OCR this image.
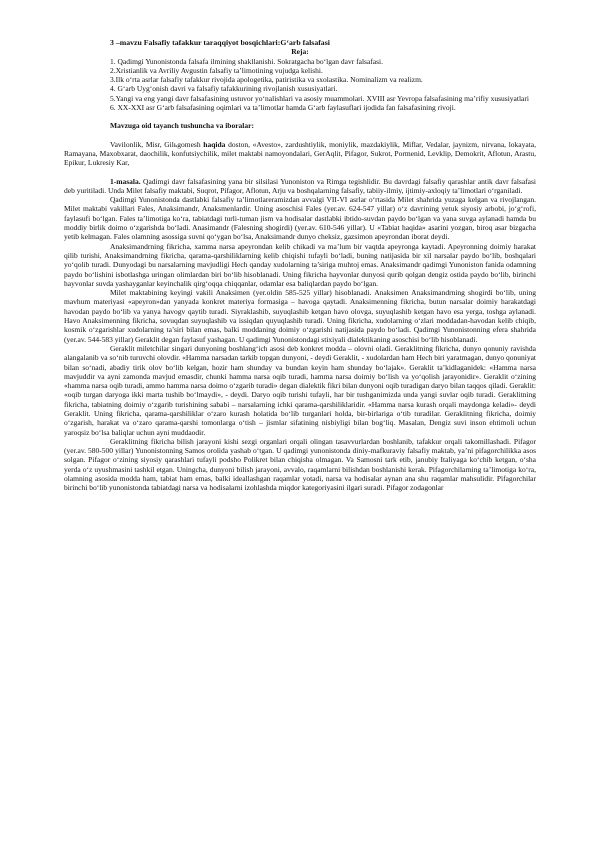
3 –mavzu Falsafiy tafakkur taraqqiyot bosqichlari:G‘arb falsafasi

Reja:

1. Qadimgi Yunonistonda falsafa ilmining shakllanishi. Sokratgacha bo‘lgan davr falsafasi.

2.Xristianlik va Avriliy Avgustin falsafiy ta’limotining vujudga kelishi.

3.Ilk o‘rta asrlar falsafiy tafakkur rivojida apologetika, patiristika va sxolastika. Nominalizm va realizm.

4. G‘arb Uyg‘onish davri va falsafiy tafakkurining rivojlanish xususiyatlari.

5.Yangi va eng yangi davr falsafasining ustuvor yo‘nalishlari va asosiy muammolari. XVIII asr Yevropa falsafasining ma’rifiy xususiyatlari

6. XX-XXI asr G‘arb falsafasining oqimlari va ta’limotlar hamda G‘arb faylasuflari ijodida fan falsafasining rivoji.

Mavzuga oid tayanch tushuncha va iboralar:

Vavilonlik, Misr, Gilьgomesh haqida doston, «Avesto», zardushtiylik, moniylik, mazdakiylik, Miflar, Vedalar, jaynizm, nirvana, lokayata, Ramayana, Maxobxarat, daochilik, konfutsiychilik, milet maktabi namoyondalari, GerAqlit, Pifagor, Sukrot, Pormenid, Levklip, Demokrit, Aflotun, Arastu, Epikur, Lukresiy Kar,

1-masala. Qadimgi davr falsafasining yana bir silsilasi Yunoniston va Rimga tegishlidir. Bu davrdagi falsafiy qarashlar antik davr falsafasi deb yuritiladi. Unda Milet falsafiy maktabi, Suqrot, Pifagor, Aflotun, Arju va boshqalarning falsafiy, tabiiy-ilmiy, ijtimiy-axloqiy ta’limotlari o‘rganiladi.

Qadimgi Yunonistonda dastlabki falsafiy ta’limotlareramizdan avvalgi VII-VI asrlar o‘rtasida Milet shahrida yuzaga kelgan va rivojlangan. Milet maktabi vakillari Fales, Anaksimandr, Anaksmenlardir. Uning asoschisi Fales (yer.av. 624-547 yillar) o‘z davrining yetuk siyosiy arbobi, jo‘g‘rofi, faylasufi bo‘lgan. Fales ta’limotiga ko‘ra, tabiatdagi turli-tuman jism va hodisalar dastlabki ibtido-suvdan paydo bo‘lgan va yana suvga aylanadi hamda bu moddiy birlik doimo o‘zgarishda bo‘ladi. Anasimandr (Falesning shogirdi) (yer.av. 610-546 yillar). U «Tabiat haqida» asarini yozgan, biroq asar bizgacha yetib kelmagan. Fales olamning asossiga suvni qo‘ygan bo‘lsa, Anaksimandr dunyo cheksiz, gazsimon apeyrondan iborat deydi.

Anaksimandrning fikricha, xamma narsa apeyrondan kelib chikadi va ma’lum bir vaqtda apeyronga kaytadi. Apeyronning doimiy harakat qilib turishi, Anaksimandrning fikricha, qarama-qarshiliklarning kelib chiqishi tufayli bo‘ladi, buning natijasida bir xil narsalar paydo bo‘lib, boshqalari yo‘qolib turadi. Dunyodagi bu narsalarning mavjudligi Hech qanday xudolarning ta’siriga muhtoj emas. Anaksimandr qadimgi Yunoniston fanida odamning paydo bo‘lishini isbotlashga uringan olimlardan biri bo‘lib hisoblanadi. Uning fikricha hayvonlar dunyosi qurib qolgan dengiz ostida paydo bo‘lib, birinchi hayvonlar suvda yashayganlar keyinchalik qirg‘oqqa chiqqanlar, odamlar esa baliqlardan paydo bo‘lgan.

Milet maktabining keyingi vakili Anaksimen (yer.oldin 585-525 yillar) hisoblanadi. Anaksimen Anaksimandrning shogirdi bo‘lib, uning mavhum materiyasi «apeyron»dan yanyada konkret materiya formasiga – havoga qaytadi. Anaksimenning fikricha, butun narsalar doimiy harakatdagi havodan paydo bo‘lib va yanya havogv qaytib turadi. Siyraklashib, suyuqlashib ketgan havo olovga, suyuqlashib ketgan havo esa yerga, toshga aylanadi. Havo Anaksimenning fikricha, sovuqdan suyuqlashib va issiqdan quyuqlashib turadi. Uning fikricha, xudolarning o‘zlari moddadan-havodan kelib chiqib, kosmik o‘zgarishlar xudolarning ta’siri bilan emas, balki moddaning doimiy o‘zgarishi natijasida paydo bo‘ladi. Qadimgi Yunonistonning efera shahrida (yer.av. 544-583 yillar) Geraklit degan faylasuf yashagan. U qadimgi Yunonistondagi stixiyali dialektikaning asoschisi bo‘lib hisoblanadi.

Geraklit miletchilar singari dunyoning boshlang‘ich asosi deb konkret modda – olovni oladi. Geraklitning fikricha, dunyo qonuniy ravishda alangalanib va so‘nib turuvchi olovdir. «Hamma narsadan tarkib topgan dunyoni, - deydi Geraklit, - xudolardan ham Hech biri yaratmagan, dunyo qonuniyat bilan so‘nadi, abadiy tirik olov bo‘lib kelgan, hozir ham shunday va bundan keyin ham shunday bo‘lajak». Geraklit ta’kidlaganidek: «Hamma narsa mavjuddir va ayni zamonda mavjud emasdir, chunki hamma narsa oqib turadi, hamma narsa doimiy bo‘lish va yo‘qolish jarayonidir». Geraklit o‘zining «hamma narsa oqib turadi, ammo hamma narsa doimo o‘zgarib turadi» degan dialektik fikri bilan dunyoni oqib turadigan daryo bilan taqqos qiladi. Geraklit: «oqib turgan daryoga ikki marta tushib bo‘lmaydi», - deydi. Daryo oqib turishi tufayli, har bir tushganimizda unda yangi suvlar oqib turadi. Geraklitning fikricha, tabiatning doimiy o‘zgarib turishining sababi – narsalarning ichki qarama-qarshiliklaridir. «Hamma narsa kurash orqali maydonga keladi»- deydi Geraklit. Uning fikricha, qarama-qarshiliklar o‘zaro kurash holatida bo‘lib turganlari holda, bir-birlariga o‘tib turadilar. Geraklitning fikricha, doimiy o‘zgarish, harakat va o‘zaro qarama-qarshi tomonlarga o‘tish – jismlar sifatining nisbiyligi bilan bog‘liq. Masalan, Dengiz suvi inson ehtimoli uchun yaroqsiz bo‘lsa baliqlar uchun ayni muddaodir.

Geraklitning fikricha bilish jarayoni kishi sezgi organlari orqali olingan tasavvurlardan boshlanib, tafakkur orqali takomillashadi. Pifagor (yer.av. 580-500 yillar) Yunonistonning Samos orolida yashab o‘tgan. U qadimgi yunonistonda diniy-mafkuraviy falsafiy maktab, ya’ni pifagorchilikka asos solgan. Pifagor o‘zining siyosiy qarashlari tufayli podsho Polikret bilan chiqisha olmagan. Va Samosni tark etib, janubiy Italiyaga ko‘chib ketgan, o‘sha yerda o‘z uyushmasini tashkil etgan. Uningcha, dunyoni bilish jarayoni, avvalo, raqamlarni bilishdan boshlanishi kerak. Pifagorchilarning ta’limotiga ko‘ra, olamning asosida modda ham, tabiat ham emas, balki ideallashgan raqamlar yotadi, narsa va hodisalar aynan ana shu raqamlar mahsulidir. Pifagorchilar birinchi bo‘lib yunonistonda tabiatdagi narsa va hodisalarni izohlashda miqdor kategoriyasini ilgari suradi. Pifagor zodagonlar
